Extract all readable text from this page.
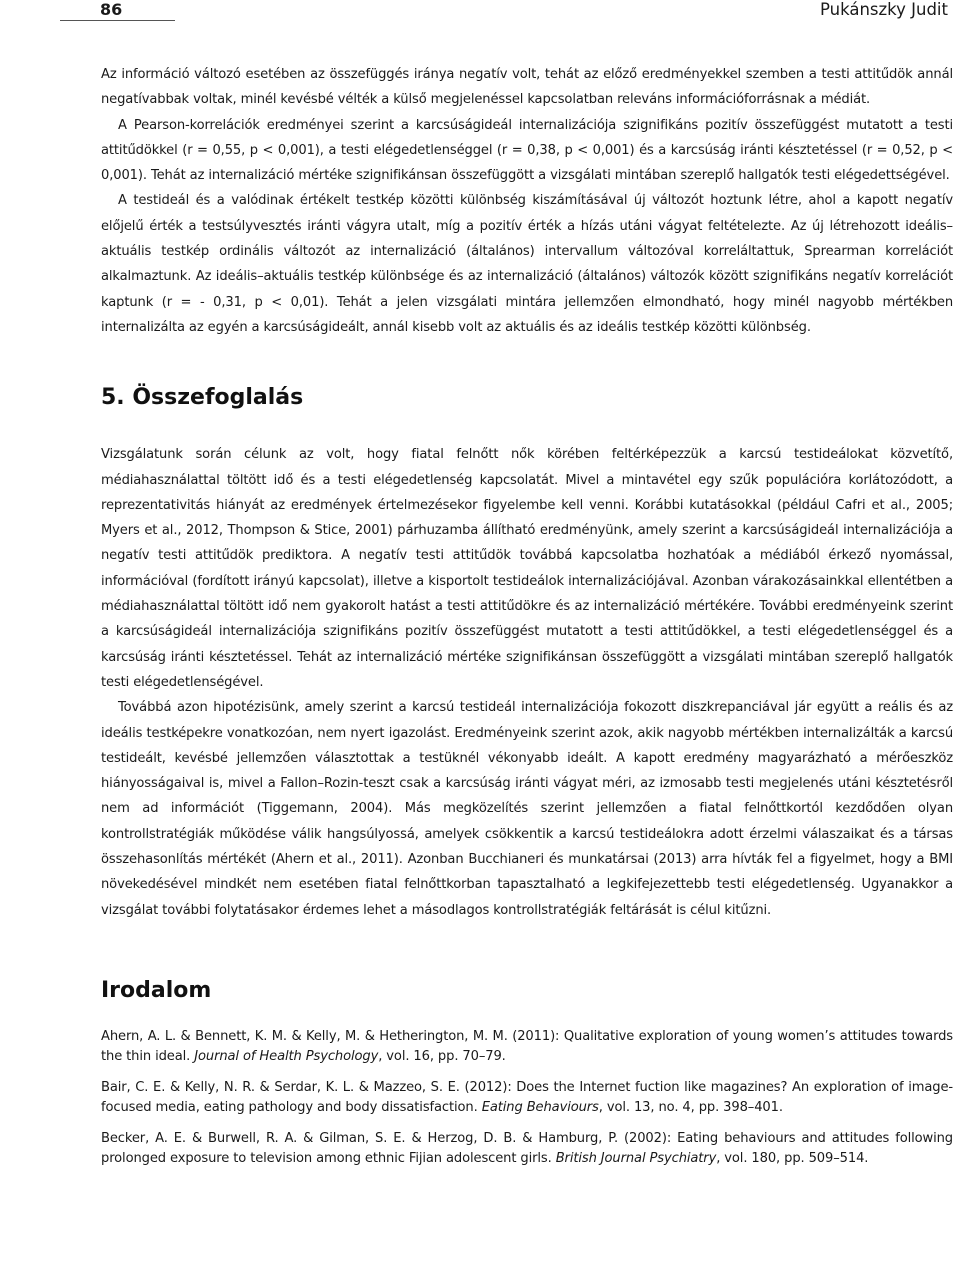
86	Pukánszky Judit

Az információ változó esetében az összefüggés iránya negatív volt, tehát az előző eredményekkel szemben a testi attitűdök annál negatívabbak voltak, minél kevésbé vélték a külső megjelenéssel kapcsolatban releváns információforrásnak a médiát.

A Pearson-korrelációk eredményei szerint a karcsúságideál internalizációja szignifikáns pozitív összefüggést mutatott a testi attitűdökkel (r = 0,55, p < 0,001), a testi elégedetlenséggel (r = 0,38, p < 0,001) és a karcsúság iránti késztetéssel (r = 0,52, p < 0,001). Tehát az internalizáció mértéke szignifikánsan összefüggött a vizsgálati mintában szereplő hallgatók testi elégedettségével.

A testideál és a valódinak értékelt testkép közötti különbség kiszámításával új változót hoztunk létre, ahol a kapott negatív előjelű érték a testsúlyvesztés iránti vágyra utalt, míg a pozitív érték a hízás utáni vágyat feltételezte. Az új létrehozott ideális–aktuális testkép ordinális változót az internalizáció (általános) intervallum változóval korreláltattuk, Sprearman korrelációt alkalmaztunk. Az ideális–aktuális testkép különbsége és az internalizáció (általános) változók között szignifikáns negatív korrelációt kaptunk (r = - 0,31, p < 0,01). Tehát a jelen vizsgálati mintára jellemzően elmondható, hogy minél nagyobb mértékben internalizálta az egyén a karcsúságideált, annál kisebb volt az aktuális és az ideális testkép közötti különbség.

5. Összefoglalás

Vizsgálatunk során célunk az volt, hogy fiatal felnőtt nők körében feltérképezzük a karcsú testideálokat közvetítő, médiahasználattal töltött idő és a testi elégedetlenség kapcsolatát. Mivel a mintavétel egy szűk populációra korlátozódott, a reprezentativitás hiányát az eredmények értelmezésekor figyelembe kell venni. Korábbi kutatásokkal (például Cafri et al., 2005; Myers et al., 2012, Thompson & Stice, 2001) párhuzamba állítható eredményünk, amely szerint a karcsúságideál internalizációja a negatív testi attitűdök prediktora. A negatív testi attitűdök továbbá kapcsolatba hozhatóak a médiából érkező nyomással, információval (fordított irányú kapcsolat), illetve a kisportolt testideálok internalizációjával. Azonban várakozásainkkal ellentétben a médiahasználattal töltött idő nem gyakorolt hatást a testi attitűdökre és az internalizáció mértékére. További eredményeink szerint a karcsúságideál internalizációja szignifikáns pozitív összefüggést mutatott a testi attitűdökkel, a testi elégedetlenséggel és a karcsúság iránti késztetéssel. Tehát az internalizáció mértéke szignifikánsan összefüggött a vizsgálati mintában szereplő hallgatók testi elégedetlenségével.

Továbbá azon hipotézisünk, amely szerint a karcsú testideál internalizációja fokozott diszkrepanciával jár együtt a reális és az ideális testképekre vonatkozóan, nem nyert igazolást. Eredményeink szerint azok, akik nagyobb mértékben internalizálták a karcsú testideált, kevésbé jellemzően választottak a testüknél vékonyabb ideált. A kapott eredmény magyarázható a mérőeszköz hiányosságaival is, mivel a Fallon–Rozin-teszt csak a karcsúság iránti vágyat méri, az izmosabb testi megjelenés utáni késztetésről nem ad információt (Tiggemann, 2004). Más megközelítés szerint jellemzően a fiatal felnőttkortól kezdődően olyan kontrollstratégiák működése válik hangsúlyossá, amelyek csökkentik a karcsú testideálokra adott érzelmi válaszaikat és a társas összehasonlítás mértékét (Ahern et al., 2011). Azonban Bucchianeri és munkatársai (2013) arra hívták fel a figyelmet, hogy a BMI növekedésével mindkét nem esetében fiatal felnőttkorban tapasztalható a legkifejezettebb testi elégedetlenség. Ugyanakkor a vizsgálat további folytatásakor érdemes lehet a másodlagos kontrollstratégiák feltárását is célul kitűzni.

Irodalom

Ahern, A. L. & Bennett, K. M. & Kelly, M. & Hetherington, M. M. (2011): Qualitative exploration of young women’s attitudes towards the thin ideal. Journal of Health Psychology, vol. 16, pp. 70–79.

Bair, C. E. & Kelly, N. R. & Serdar, K. L. & Mazzeo, S. E. (2012): Does the Internet fuction like magazines? An exploration of image-focused media, eating pathology and body dissatisfaction. Eating Behaviours, vol. 13, no. 4, pp. 398–401.

Becker, A. E. & Burwell, R. A. & Gilman, S. E. & Herzog, D. B. & Hamburg, P. (2002): Eating behaviours and attitudes following prolonged exposure to television among ethnic Fijian adolescent girls. British Journal Psychiatry, vol. 180, pp. 509–514.
